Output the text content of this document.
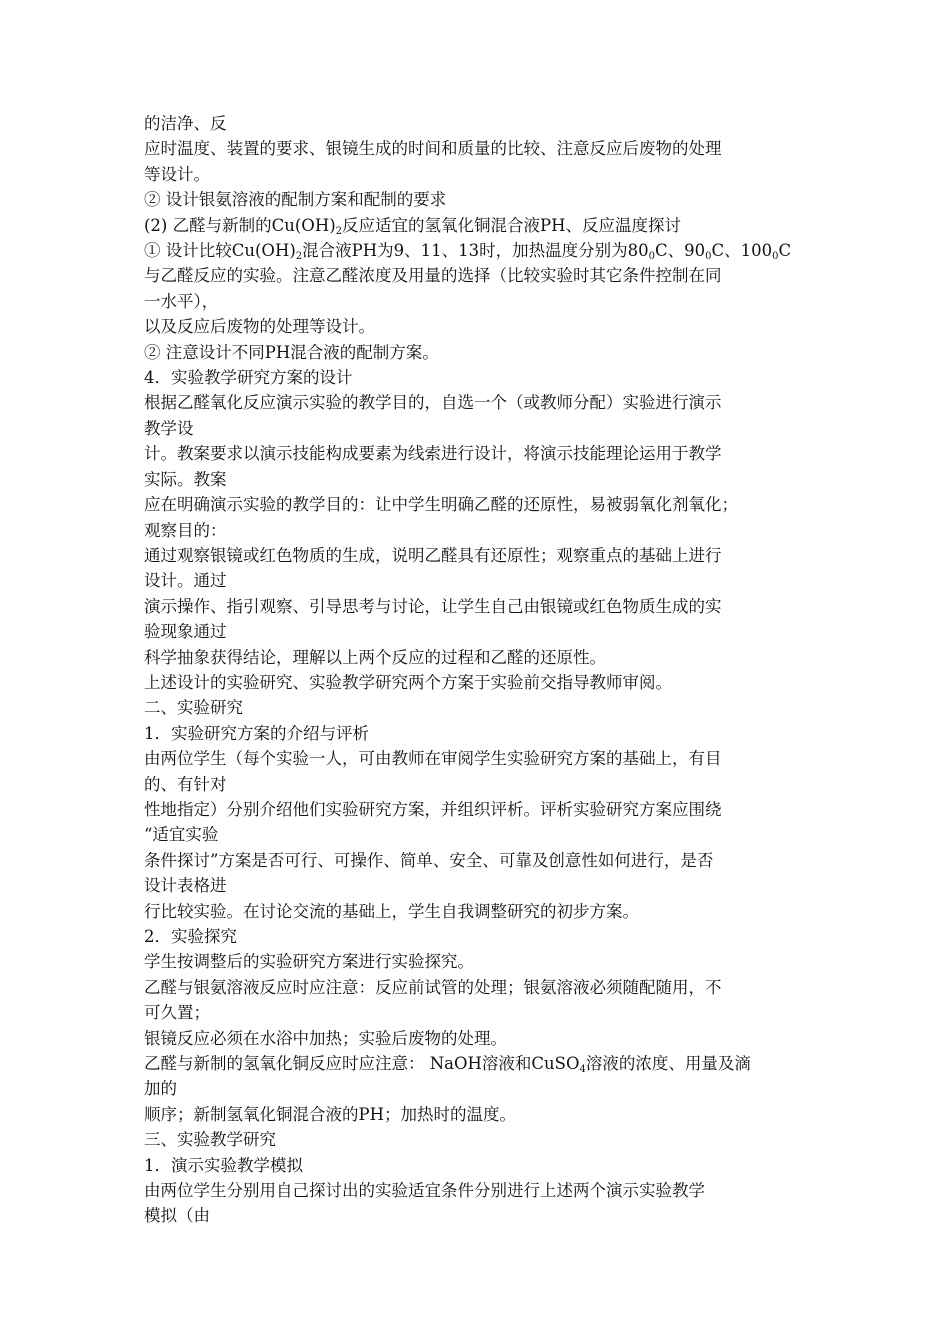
的洁净、反
应时温度、装置的要求、银镜生成的时间和质量的比较、注意反应后废物的处理
等设计。
② 设计银氨溶液的配制方案和配制的要求
(2) 乙醛与新制的$Cu(OH)_2$反应适宜的氢氧化铜混合液PH、反应温度探讨
① 设计比较$Cu(OH)_2$混合液PH为9、11、13时，加热温度分别为$80_0C$、$90_0C$、$100_0C$
与乙醛反应的实验。注意乙醛浓度及用量的选择（比较实验时其它条件控制在同
一水平），
以及反应后废物的处理等设计。
② 注意设计不同PH混合液的配制方案。
4．实验教学研究方案的设计
根据乙醛氧化反应演示实验的教学目的，自选一个（或教师分配）实验进行演示
教学设
计。教案要求以演示技能构成要素为线索进行设计，将演示技能理论运用于教学
实际。教案
应在明确演示实验的教学目的：让中学生明确乙醛的还原性，易被弱氧化剂氧化；
观察目的：
通过观察银镜或红色物质的生成，说明乙醛具有还原性；观察重点的基础上进行
设计。通过
演示操作、指引观察、引导思考与讨论，让学生自己由银镜或红色物质生成的实
验现象通过
科学抽象获得结论，理解以上两个反应的过程和乙醛的还原性。
上述设计的实验研究、实验教学研究两个方案于实验前交指导教师审阅。
二、实验研究
1．实验研究方案的介绍与评析
由两位学生（每个实验一人，可由教师在审阅学生实验研究方案的基础上，有目
的、有针对
性地指定）分别介绍他们实验研究方案，并组织评析。评析实验研究方案应围绕
“适宜实验
条件探讨”方案是否可行、可操作、简单、安全、可靠及创意性如何进行，是否
设计表格进
行比较实验。在讨论交流的基础上，学生自我调整研究的初步方案。
2．实验探究
学生按调整后的实验研究方案进行实验探究。
乙醛与银氨溶液反应时应注意：反应前试管的处理；银氨溶液必须随配随用，不
可久置；
银镜反应必须在水浴中加热；实验后废物的处理。
乙醛与新制的氢氧化铜反应时应注意： NaOH溶液和CuSO$_4$溶液的浓度、用量及滴
加的
顺序；新制氢氧化铜混合液的PH；加热时的温度。
三、实验教学研究
1．演示实验教学模拟
由两位学生分别用自己探讨出的实验适宜条件分别进行上述两个演示实验教学
模拟（由
